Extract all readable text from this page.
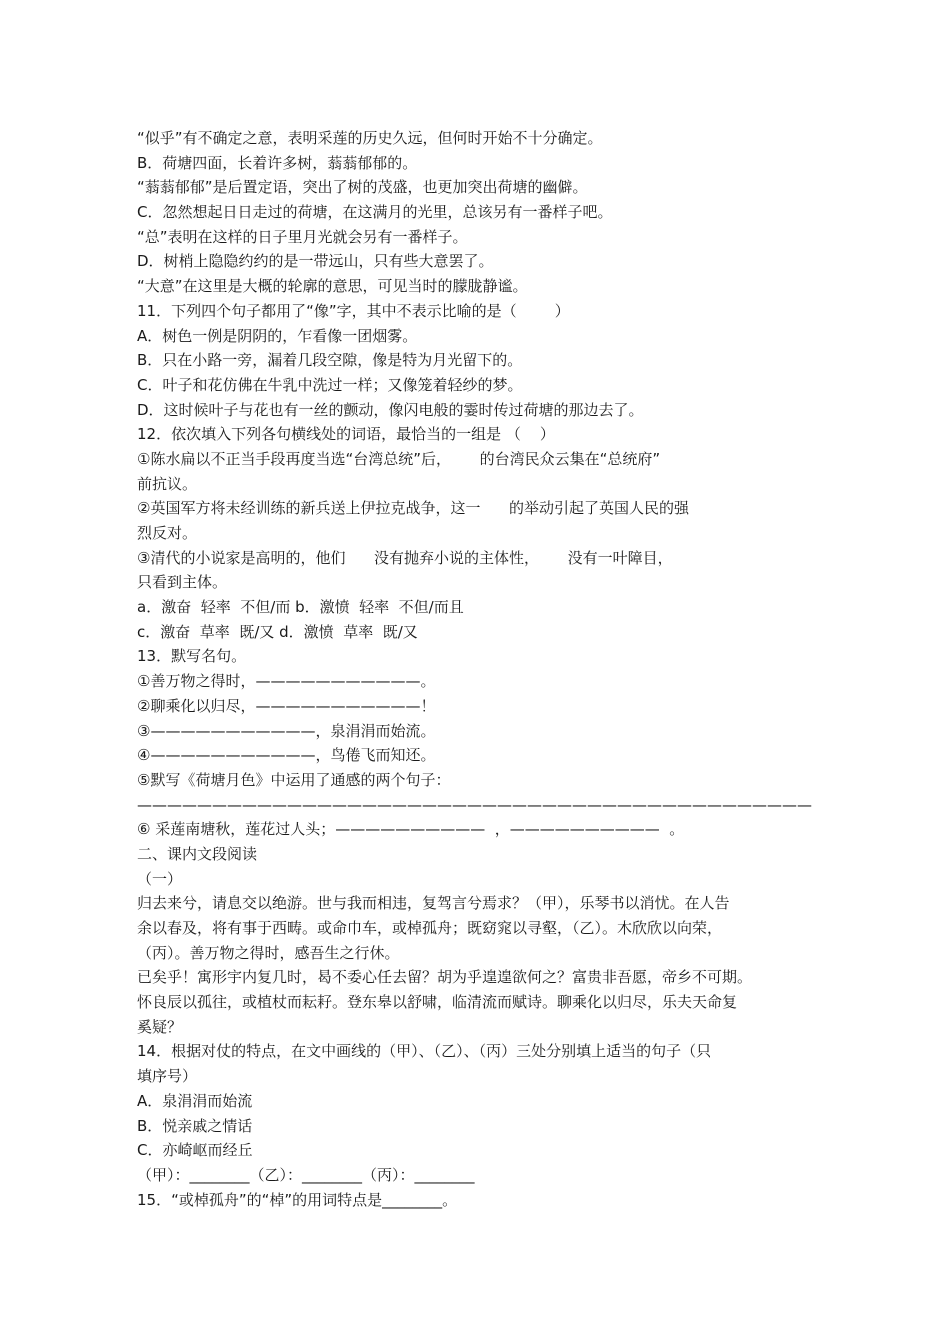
“似乎”有不确定之意，表明采莲的历史久远，但何时开始不十分确定。
B．荷塘四面，长着许多树，蓊蓊郁郁的。
“蓊蓊郁郁”是后置定语，突出了树的茂盛，也更加突出荷塘的幽僻。
C．忽然想起日日走过的荷塘，在这满月的光里，总该另有一番样子吧。
“总”表明在这样的日子里月光就会另有一番样子。
D．树梢上隐隐约约的是一带远山，只有些大意罢了。
“大意”在这里是大概的轮廓的意思，可见当时的朦胧静谧。
11．下列四个句子都用了“像”字，其中不表示比喻的是（        ）
A．树色一例是阴阴的，乍看像一团烟雾。
B．只在小路一旁，漏着几段空隙，像是特为月光留下的。
C．叶子和花仿佛在牛乳中洗过一样；又像笼着轻纱的梦。
D．这时候叶子与花也有一丝的颤动，像闪电般的霎时传过荷塘的那边去了。
12．依次填入下列各句横线处的词语，最恰当的一组是 （    ）
①陈水扁以不正当手段再度当选“台湾总统”后，      的台湾民众云集在“总统府”
前抗议。
②英国军方将未经训练的新兵送上伊拉克战争，这一      的举动引起了英国人民的强
烈反对。
③清代的小说家是高明的，他们      没有抛弃小说的主体性，      没有一叶障目，
只看到主体。
a．激奋  轻率  不但/而 b．激愤  轻率  不但/而且
c．激奋  草率  既/又 d．激愤  草率  既/又
13．默写名句。
①善万物之得时，———————————。
②聊乘化以归尽，———————————！
③———————————，泉涓涓而始流。
④———————————，鸟倦飞而知还。
⑤默写《荷塘月色》中运用了通感的两个句子：
—————————————————————————————————————————————
⑥ 采莲南塘秋，莲花过人头；——————————  ，——————————  。
二、课内文段阅读
（一）
归去来兮，请息交以绝游。世与我而相违，复驾言兮焉求？（甲），乐琴书以消忧。在人告
余以春及，将有事于西畴。或命巾车，或棹孤舟；既窈窕以寻壑，（乙）。木欣欣以向荣，
（丙）。善万物之得时，感吾生之行休。
已矣乎！寓形宇内复几时，曷不委心任去留？胡为乎遑遑欲何之？富贵非吾愿，帝乡不可期。
怀良辰以孤往，或植杖而耘耔。登东皋以舒啸，临清流而赋诗。聊乘化以归尽，乐夫天命复
奚疑？
14．根据对仗的特点，在文中画线的（甲）、（乙）、（丙）三处分别填上适当的句子（只
填序号）
A．泉涓涓而始流
B．悦亲戚之情话
C．亦崎岖而经丘
（甲）：________（乙）：________（丙）：________
15．“或棹孤舟”的“棹”的用词特点是________。
